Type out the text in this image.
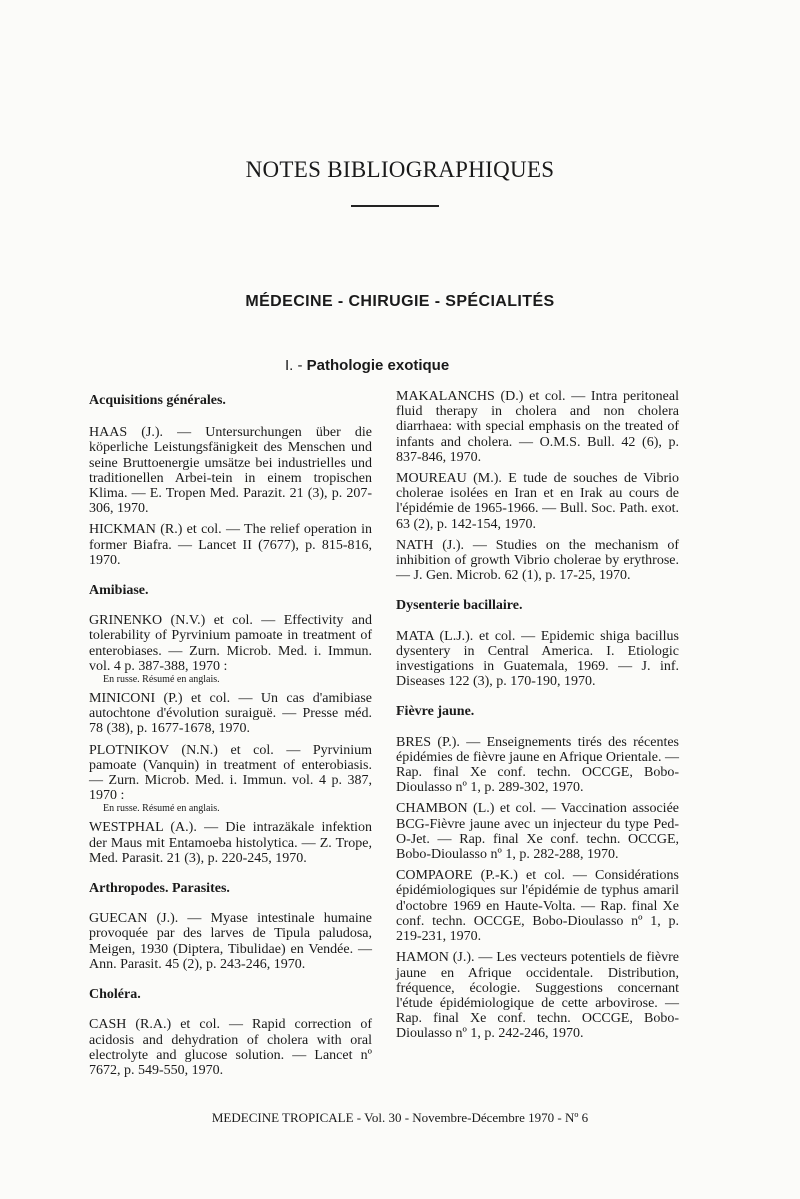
NOTES BIBLIOGRAPHIQUES
MÉDECINE - CHIRUGIE - SPÉCIALITÉS
I. - Pathologie exotique

Acquisitions générales.

HAAS (J.). — Untersurchungen über die köperliche Leistungsfänigkeit des Menschen und seine Bruttoenergie umsätze bei industrielles und traditionellen Arbei-tein in einem tropischen Klima. — E. Tropen Med. Parazit. 21 (3), p. 207-306, 1970.

HICKMAN (R.) et col. — The relief operation in former Biafra. — Lancet II (7677), p. 815-816, 1970.

Amibiase.

GRINENKO (N.V.) et col. — Effectivity and tolerability of Pyrvinium pamoate in treatment of enterobiases. — Zurn. Microb. Med. i. Immun. vol. 4 p. 387-388, 1970 :

En russe. Résumé en anglais.

MINICONI (P.) et col. — Un cas d'amibiase autochtone d'évolution suraiguë. — Presse méd. 78 (38), p. 1677-1678, 1970.

PLOTNIKOV (N.N.) et col. — Pyrvinium pamoate (Vanquin) in treatment of enterobiasis. — Zurn. Microb. Med. i. Immun. vol. 4 p. 387, 1970 :

En russe. Résumé en anglais.

WESTPHAL (A.). — Die intrazäkale infektion der Maus mit Entamoeba histolytica. — Z. Trope, Med. Parasit. 21 (3), p. 220-245, 1970.

Arthropodes. Parasites.

GUECAN (J.). — Myase intestinale humaine provoquée par des larves de Tipula paludosa, Meigen, 1930 (Diptera, Tibulidae) en Vendée. — Ann. Parasit. 45 (2), p. 243-246, 1970.

Choléra.

CASH (R.A.) et col. — Rapid correction of acidosis and dehydration of cholera with oral electrolyte and glucose solution. — Lancet nº 7672, p. 549-550, 1970.

MAKALANCHS (D.) et col. — Intra peritoneal fluid therapy in cholera and non cholera diarrhaea: with special emphasis on the treated of infants and cholera. — O.M.S. Bull. 42 (6), p. 837-846, 1970.

MOUREAU (M.). E tude de souches de Vibrio cholerae isolées en Iran et en Irak au cours de l'épidémie de 1965-1966. — Bull. Soc. Path. exot. 63 (2), p. 142-154, 1970.

NATH (J.). — Studies on the mechanism of inhibition of growth Vibrio cholerae by erythrose. — J. Gen. Microb. 62 (1), p. 17-25, 1970.

Dysenterie bacillaire.

MATA (L.J.). et col. — Epidemic shiga bacillus dysentery in Central America. I. Etiologic investigations in Guatemala, 1969. — J. inf. Diseases 122 (3), p. 170-190, 1970.

Fièvre jaune.

BRES (P.). — Enseignements tirés des récentes épidémies de fièvre jaune en Afrique Orientale. — Rap. final Xe conf. techn. OCCGE, Bobo-Dioulasso nº 1, p. 289-302, 1970.

CHAMBON (L.) et col. — Vaccination associée BCG-Fièvre jaune avec un injecteur du type Ped-O-Jet. — Rap. final Xe conf. techn. OCCGE, Bobo-Dioulasso nº 1, p. 282-288, 1970.

COMPAORE (P.-K.) et col. — Considérations épidémiologiques sur l'épidémie de typhus amaril d'octobre 1969 en Haute-Volta. — Rap. final Xe conf. techn. OCCGE, Bobo-Dioulasso nº 1, p. 219-231, 1970.

HAMON (J.). — Les vecteurs potentiels de fièvre jaune en Afrique occidentale. Distribution, fréquence, écologie. Suggestions concernant l'étude épidémiologique de cette arbovirose. — Rap. final Xe conf. techn. OCCGE, Bobo-Dioulasso nº 1, p. 242-246, 1970.

MEDECINE TROPICALE - Vol. 30 - Novembre-Décembre 1970 - Nº 6
